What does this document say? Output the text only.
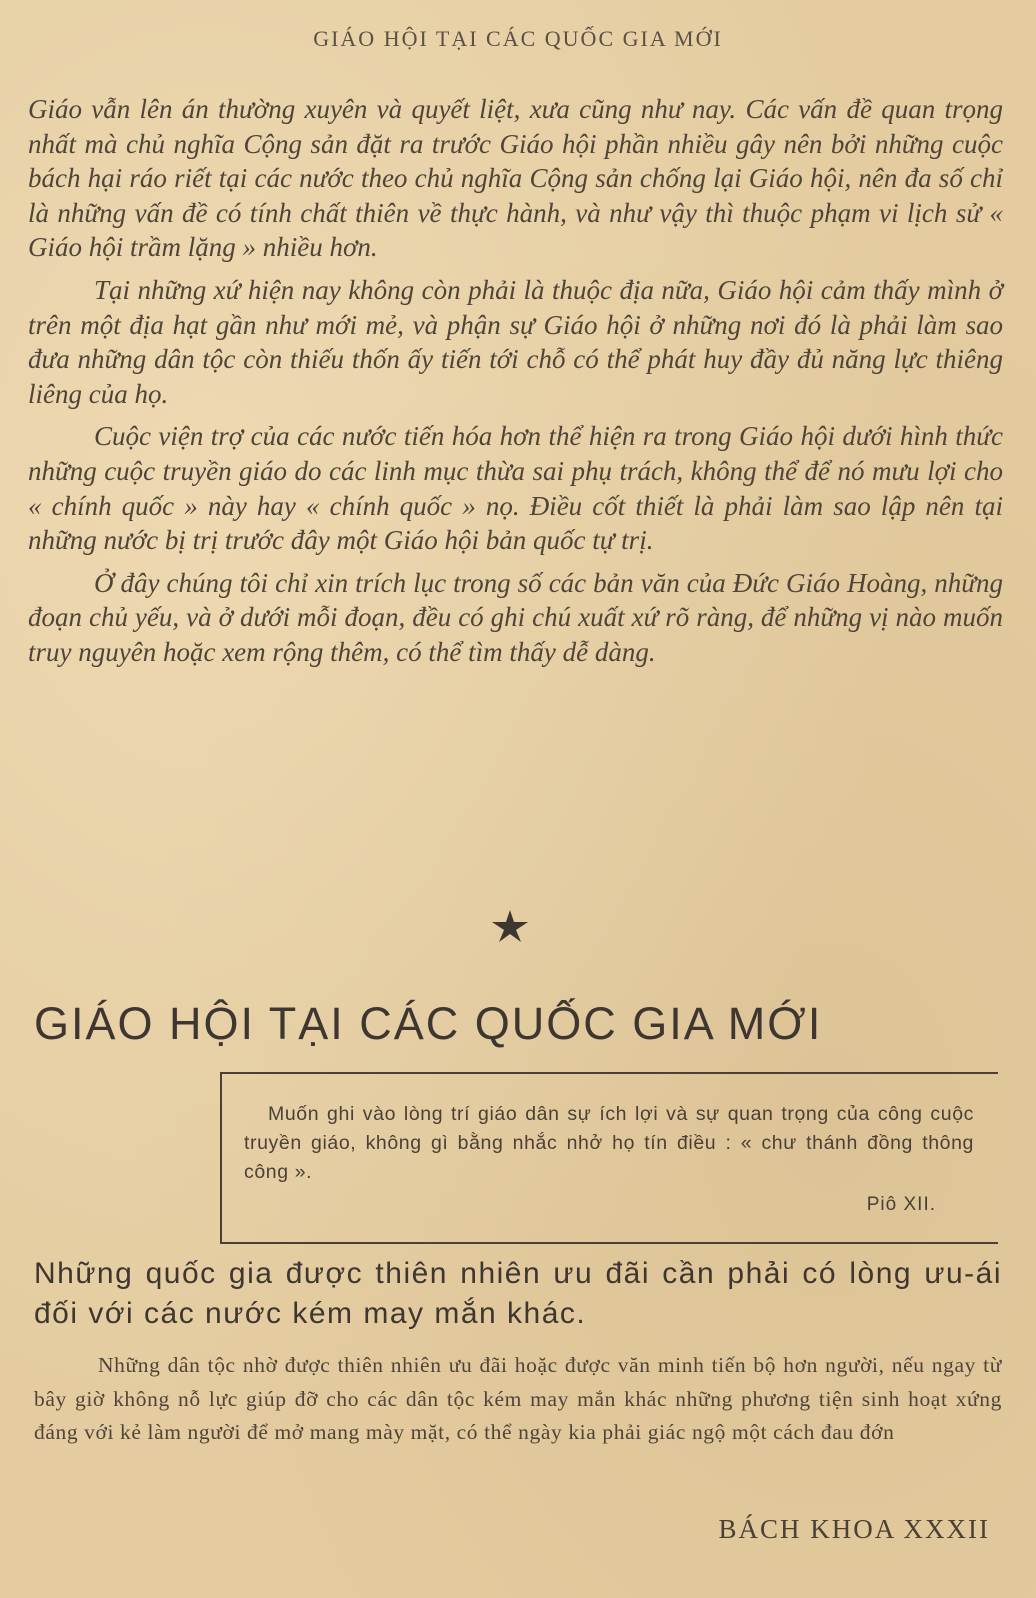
GIÁO HỘI TẠI CÁC QUỐC GIA MỚI

Giáo vẫn lên án thường xuyên và quyết liệt, xưa cũng như nay. Các vấn đề quan trọng nhất mà chủ nghĩa Cộng sản đặt ra trước Giáo hội phần nhiều gây nên bởi những cuộc bách hại ráo riết tại các nước theo chủ nghĩa Cộng sản chống lại Giáo hội, nên đa số chỉ là những vấn đề có tính chất thiên về thực hành, và như vậy thì thuộc phạm vi lịch sử « Giáo hội trầm lặng » nhiều hơn.

Tại những xứ hiện nay không còn phải là thuộc địa nữa, Giáo hội cảm thấy mình ở trên một địa hạt gần như mới mẻ, và phận sự Giáo hội ở những nơi đó là phải làm sao đưa những dân tộc còn thiếu thốn ấy tiến tới chỗ có thể phát huy đầy đủ năng lực thiêng liêng của họ.

Cuộc viện trợ của các nước tiến hóa hơn thể hiện ra trong Giáo hội dưới hình thức những cuộc truyền giáo do các linh mục thừa sai phụ trách, không thể để nó mưu lợi cho « chính quốc » này hay « chính quốc » nọ. Điều cốt thiết là phải làm sao lập nên tại những nước bị trị trước đây một Giáo hội bản quốc tự trị.

Ở đây chúng tôi chỉ xin trích lục trong số các bản văn của Đức Giáo Hoàng, những đoạn chủ yếu, và ở dưới mỗi đoạn, đều có ghi chú xuất xứ rõ ràng, để những vị nào muốn truy nguyên hoặc xem rộng thêm, có thể tìm thấy dễ dàng.

GIÁO HỘI TẠI CÁC QUỐC GIA MỚI
Muốn ghi vào lòng trí giáo dân sự ích lợi và sự quan trọng của công cuộc truyền giáo, không gì bằng nhắc nhở họ tín điều : « chư thánh đồng thông công ».
Piô XII.
Những quốc gia được thiên nhiên ưu đãi cần phải có lòng ưu-ái đối với các nước kém may mắn khác.

Những dân tộc nhờ được thiên nhiên ưu đãi hoặc được văn minh tiến bộ hơn người, nếu ngay từ bây giờ không nỗ lực giúp đỡ cho các dân tộc kém may mắn khác những phương tiện sinh hoạt xứng đáng với kẻ làm người để mở mang mày mặt, có thể ngày kia phải giác ngộ một cách đau đớn

BÁCH KHOA XXXII
